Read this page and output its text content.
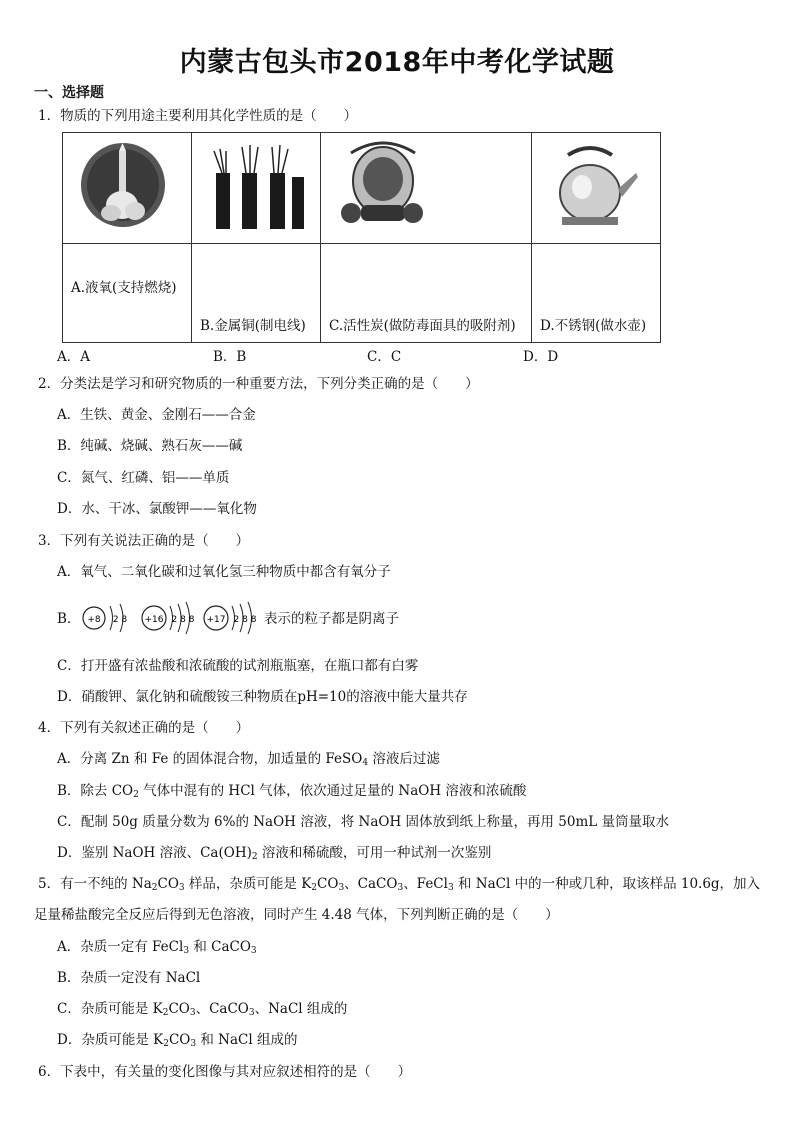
内蒙古包头市2018年中考化学试题
一、选择题
1．物质的下列用途主要利用其化学性质的是（　　）

A.液氧(支持燃烧)	B.金属铜(制电线)	C.活性炭(做防毒面具的吸附剂)	D.不锈钢(做水壶)
A．A	B．B	C．C	D．D
2．分类法是学习和研究物质的一种重要方法，下列分类正确的是（　　）
A．生铁、黄金、金刚石——合金
B．纯碱、烧碱、熟石灰——碱
C．氮气、红磷、铝——单质
D．水、干冰、氯酸钾——氧化物
3．下列有关说法正确的是（　　）
A．氧气、二氧化碳和过氧化氢三种物质中都含有氧分子
B． +8 2 8 +16 2 8 8 +17 2 8 8 表示的粒子都是阴离子
C．打开盛有浓盐酸和浓硫酸的试剂瓶瓶塞，在瓶口都有白雾
D．硝酸钾、氯化钠和硫酸铵三种物质在pH=10的溶液中能大量共存
4．下列有关叙述正确的是（　　）
A．分离 Zn 和 Fe 的固体混合物，加适量的 FeSO$_4$ 溶液后过滤
B．除去 $CO_2$ 气体中混有的 HCl 气体，依次通过足量的 NaOH 溶液和浓硫酸
C．配制 50g 质量分数为 6%的 NaOH 溶液，将 NaOH 固体放到纸上称量，再用 50mL 量筒量取水
D．鉴别 NaOH 溶液、$Ca(OH)_2$ 溶液和稀硫酸，可用一种试剂一次鉴别
5．有一不纯的 $Na_2CO_3$ 样品，杂质可能是 $K_2CO_3$、CaCO$_3$、FeCl$_3$ 和 NaCl 中的一种或几种，取该样品 10.6g，加入
足量稀盐酸完全反应后得到无色溶液，同时产生 4.48 气体，下列判断正确的是（　　）
A．杂质一定有 FeCl$_3$ 和 CaCO$_3$
B．杂质一定没有 NaCl
C．杂质可能是 $K_2CO_3$、CaCO$_3$、NaCl 组成的
D．杂质可能是 $K_2CO_3$ 和 NaCl 组成的
6．下表中，有关量的变化图像与其对应叙述相符的是（　　）
